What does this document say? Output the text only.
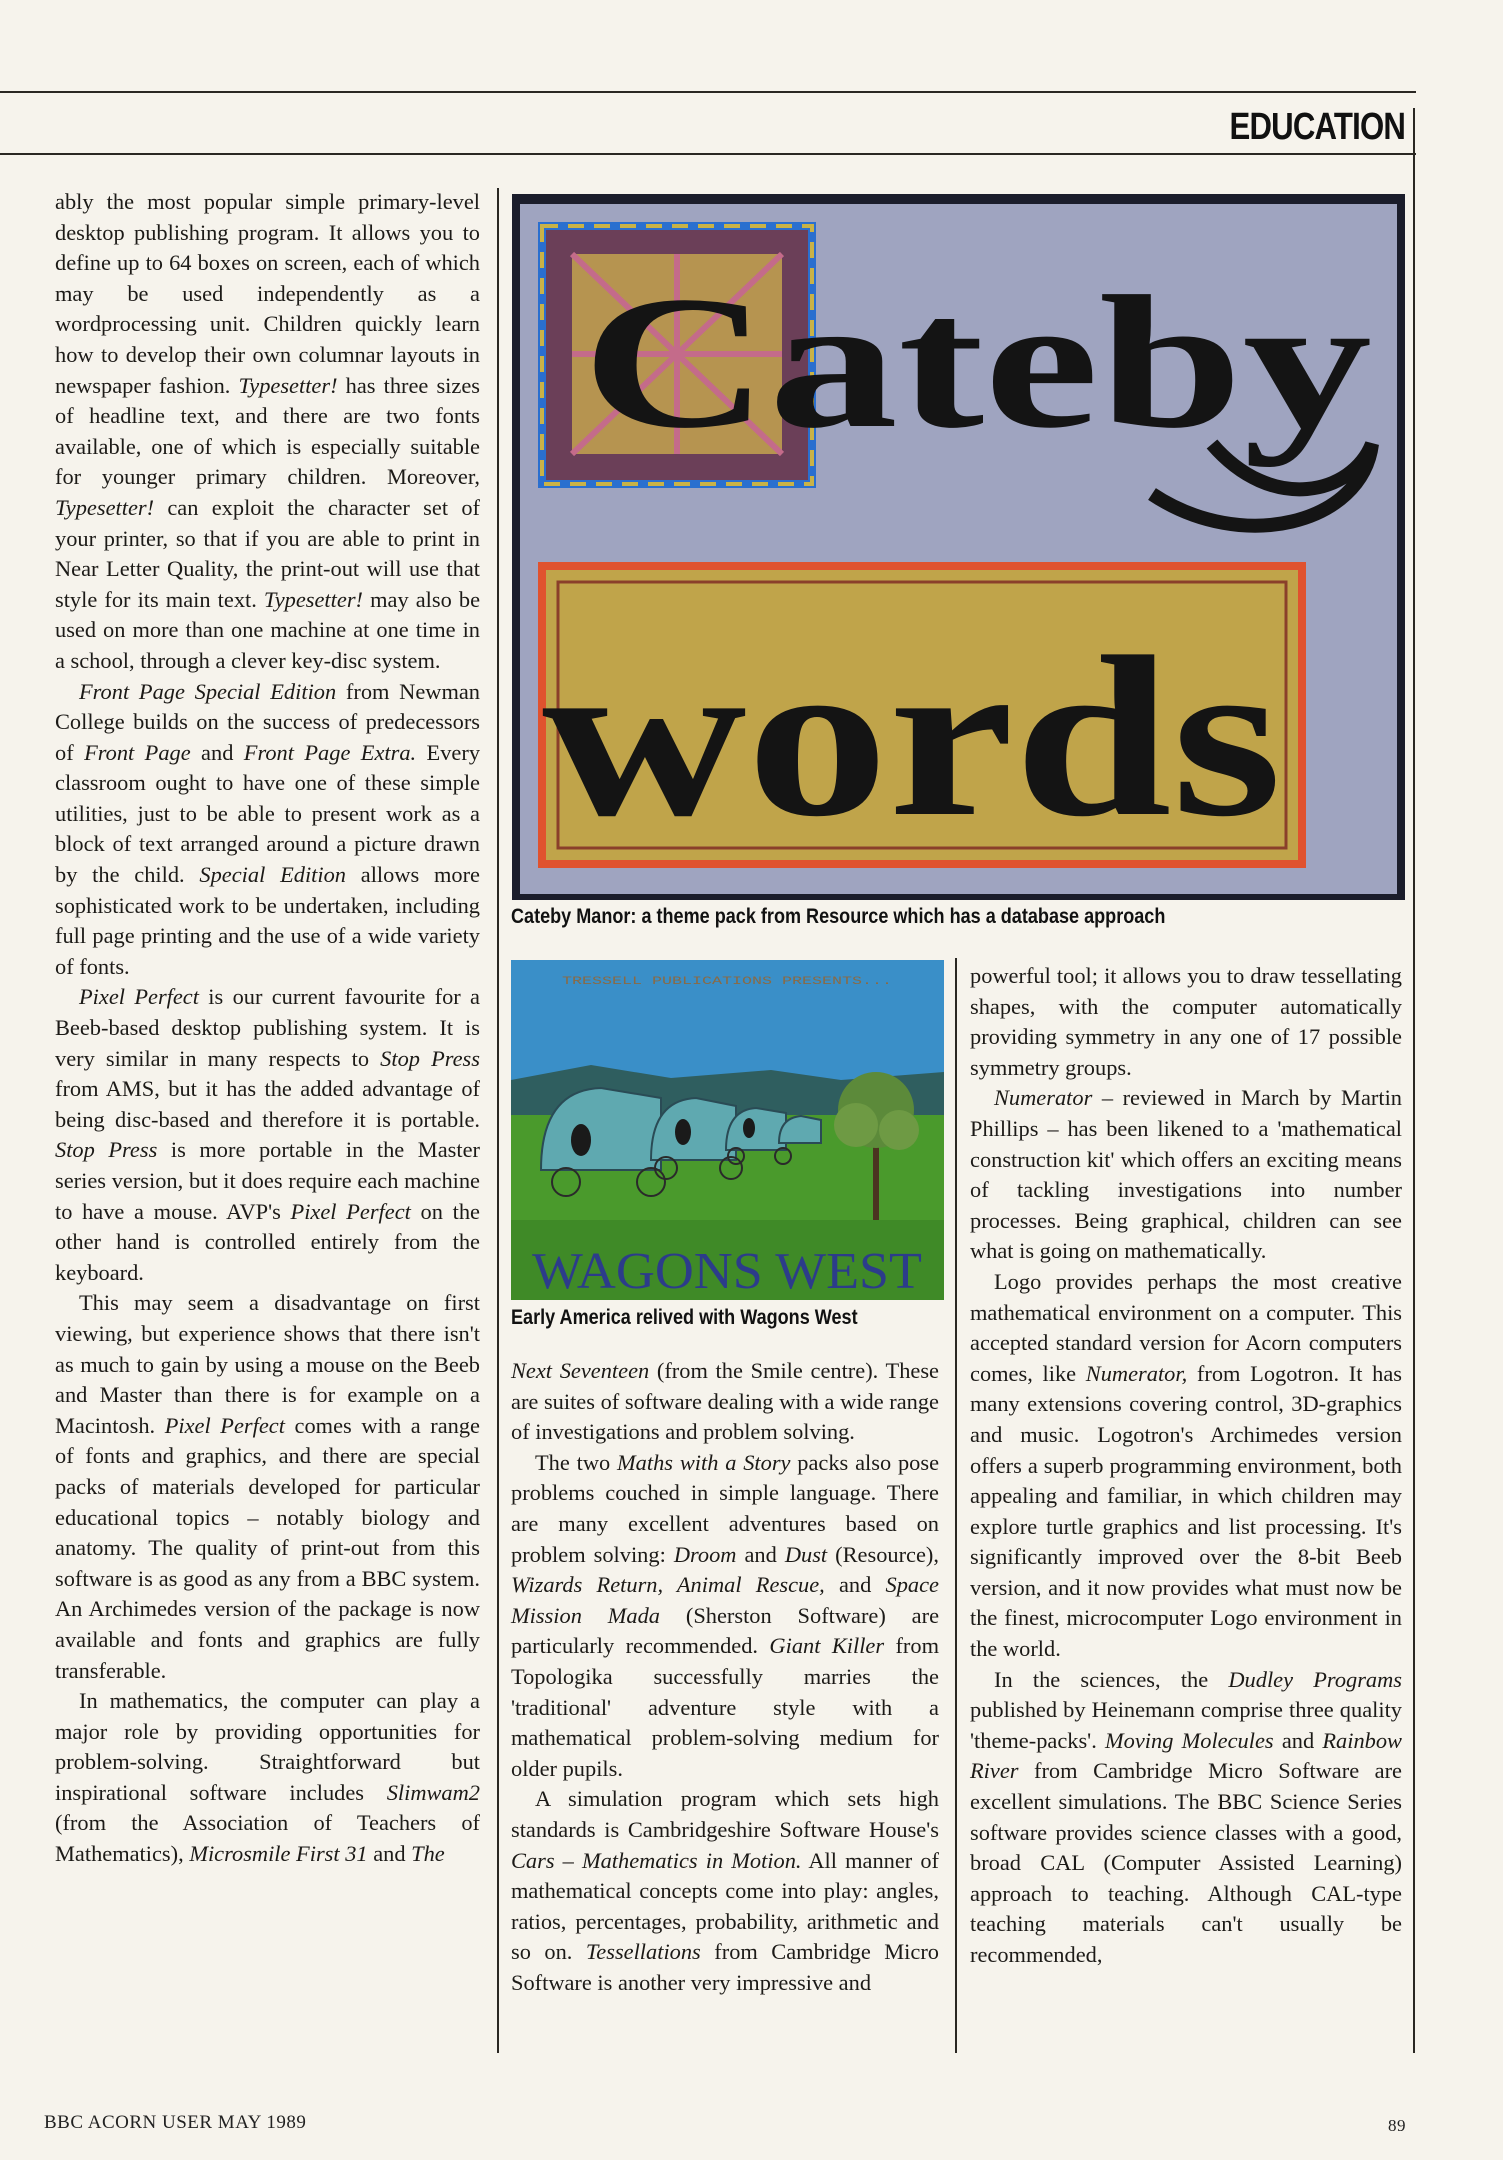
EDUCATION

ably the most popular simple primary-level desktop publishing program. It allows you to define up to 64 boxes on screen, each of which may be used independently as a wordprocessing unit. Children quickly learn how to develop their own columnar layouts in newspaper fashion. Typesetter! has three sizes of headline text, and there are two fonts available, one of which is especially suitable for younger primary children. Moreover, Typesetter! can exploit the character set of your printer, so that if you are able to print in Near Letter Quality, the print-out will use that style for its main text. Typesetter! may also be used on more than one machine at one time in a school, through a clever key-disc system.

Front Page Special Edition from Newman College builds on the success of predecessors of Front Page and Front Page Extra. Every classroom ought to have one of these simple utilities, just to be able to present work as a block of text arranged around a picture drawn by the child. Special Edition allows more sophisticated work to be undertaken, including full page printing and the use of a wide variety of fonts.

Pixel Perfect is our current favourite for a Beeb-based desktop publishing system. It is very similar in many respects to Stop Press from AMS, but it has the added advantage of being disc-based and therefore it is portable. Stop Press is more portable in the Master series version, but it does require each machine to have a mouse. AVP's Pixel Perfect on the other hand is controlled entirely from the keyboard.

This may seem a disadvantage on first viewing, but experience shows that there isn't as much to gain by using a mouse on the Beeb and Master than there is for example on a Macintosh. Pixel Perfect comes with a range of fonts and graphics, and there are special packs of materials developed for particular educational topics – notably biology and anatomy. The quality of print-out from this software is as good as any from a BBC system. An Archimedes version of the package is now available and fonts and graphics are fully transferable.

In mathematics, the computer can play a major role by providing opportunities for problem-solving. Straightforward but inspirational software includes Slimwam2 (from the Association of Teachers of Mathematics), Microsmile First 31 and The

Cateby
words
Cateby Manor: a theme pack from Resource which has a database approach
TRESSELL PUBLICATIONS PRESENTS...
WAGONS WEST
Early America relived with Wagons West

Next Seventeen (from the Smile centre). These are suites of software dealing with a wide range of investigations and problem solving.

The two Maths with a Story packs also pose problems couched in simple language. There are many excellent adventures based on problem solving: Droom and Dust (Resource), Wizards Return, Animal Rescue, and Space Mission Mada (Sherston Software) are particularly recommended. Giant Killer from Topologika successfully marries the 'traditional' adventure style with a mathematical problem-solving medium for older pupils.

A simulation program which sets high standards is Cambridgeshire Software House's Cars – Mathematics in Motion. All manner of mathematical concepts come into play: angles, ratios, percentages, probability, arithmetic and so on. Tessellations from Cambridge Micro Software is another very impressive and

powerful tool; it allows you to draw tessellating shapes, with the computer automatically providing symmetry in any one of 17 possible symmetry groups.

Numerator – reviewed in March by Martin Phillips – has been likened to a 'mathematical construction kit' which offers an exciting means of tackling investigations into number processes. Being graphical, children can see what is going on mathematically.

Logo provides perhaps the most creative mathematical environment on a computer. This accepted standard version for Acorn computers comes, like Numerator, from Logotron. It has many extensions covering control, 3D-graphics and music. Logotron's Archimedes version offers a superb programming environment, both appealing and familiar, in which children may explore turtle graphics and list processing. It's significantly improved over the 8-bit Beeb version, and it now provides what must now be the finest, microcomputer Logo environment in the world.

In the sciences, the Dudley Programs published by Heinemann comprise three quality 'theme-packs'. Moving Molecules and Rainbow River from Cambridge Micro Software are excellent simulations. The BBC Science Series software provides science classes with a good, broad CAL (Computer Assisted Learning) approach to teaching. Although CAL-type teaching materials can't usually be recommended,

BBC ACORN USER MAY 1989	89
